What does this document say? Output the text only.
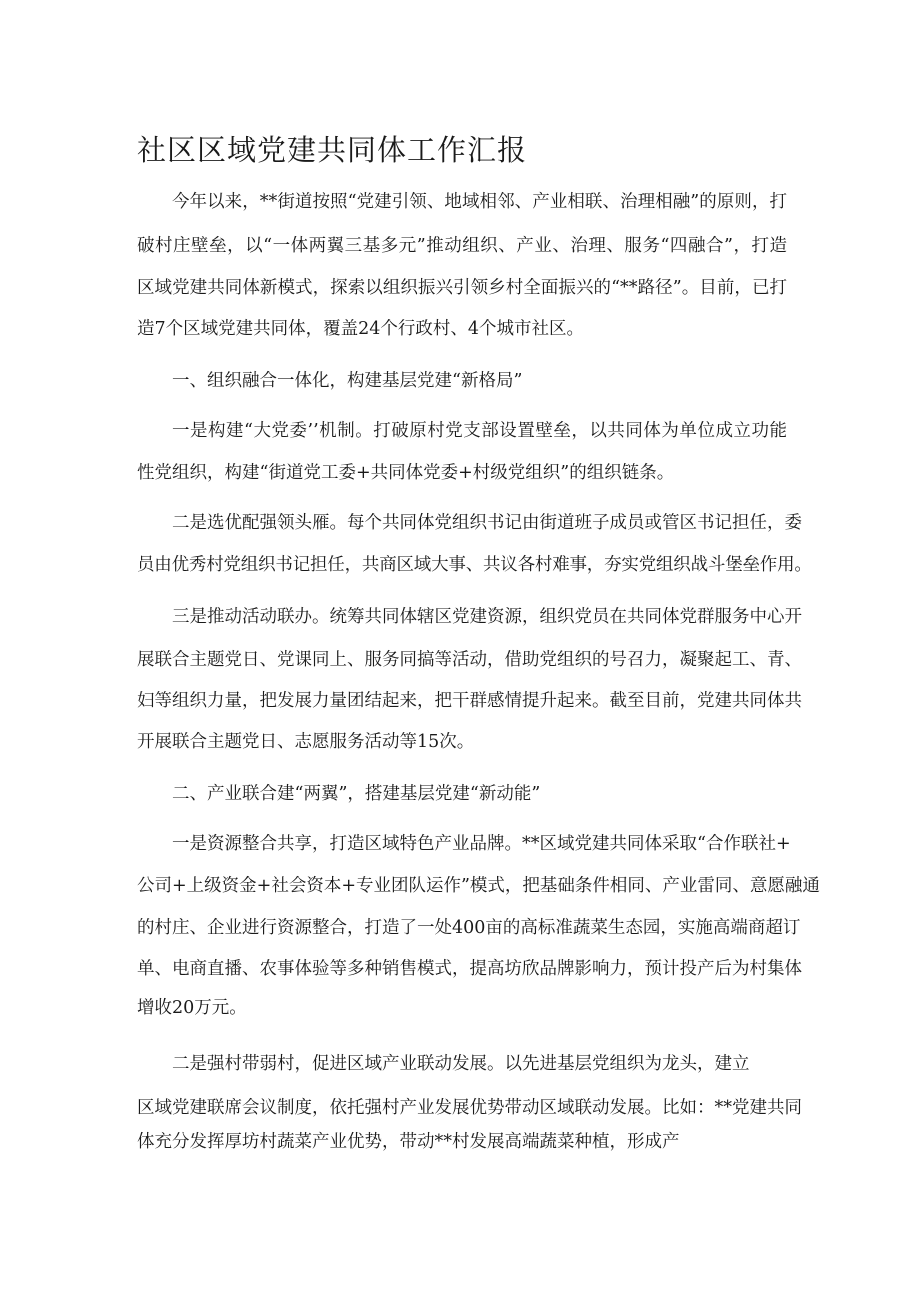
社区区域党建共同体工作汇报
今年以来，**街道按照“党建引领、地域相邻、产业相联、治理相融”的原则，打
破村庄壁垒，以“一体两翼三基多元”推动组织、产业、治理、服务“四融合”，打造
区域党建共同体新模式，探索以组织振兴引领乡村全面振兴的“**路径”。目前，已打
造7个区域党建共同体，覆盖24个行政村、4个城市社区。
一、组织融合一体化，构建基层党建“新格局”
一是构建“大党委’’机制。打破原村党支部设置壁垒，以共同体为单位成立功能
性党组织，构建“街道党工委+共同体党委+村级党组织”的组织链条。
二是选优配强领头雁。每个共同体党组织书记由街道班子成员或管区书记担任，委
员由优秀村党组织书记担任，共商区域大事、共议各村难事，夯实党组织战斗堡垒作用。
三是推动活动联办。统筹共同体辖区党建资源，组织党员在共同体党群服务中心开
展联合主题党日、党课同上、服务同搞等活动，借助党组织的号召力，凝聚起工、青、
妇等组织力量，把发展力量团结起来，把干群感情提升起来。截至目前，党建共同体共
开展联合主题党日、志愿服务活动等15次。
二、产业联合建“两翼”，搭建基层党建“新动能”
一是资源整合共享，打造区域特色产业品牌。**区域党建共同体采取“合作联社+
公司+上级资金+社会资本+专业团队运作”模式，把基础条件相同、产业雷同、意愿融通
的村庄、企业进行资源整合，打造了一处400亩的高标准蔬菜生态园，实施高端商超订
单、电商直播、农事体验等多种销售模式，提高坊欣品牌影响力，预计投产后为村集体
增收20万元。
二是强村带弱村，促进区域产业联动发展。以先进基层党组织为龙头，建立
区域党建联席会议制度，依托强村产业发展优势带动区域联动发展。比如：**党建共同
体充分发挥厚坊村蔬菜产业优势，带动**村发展高端蔬菜种植，形成产
